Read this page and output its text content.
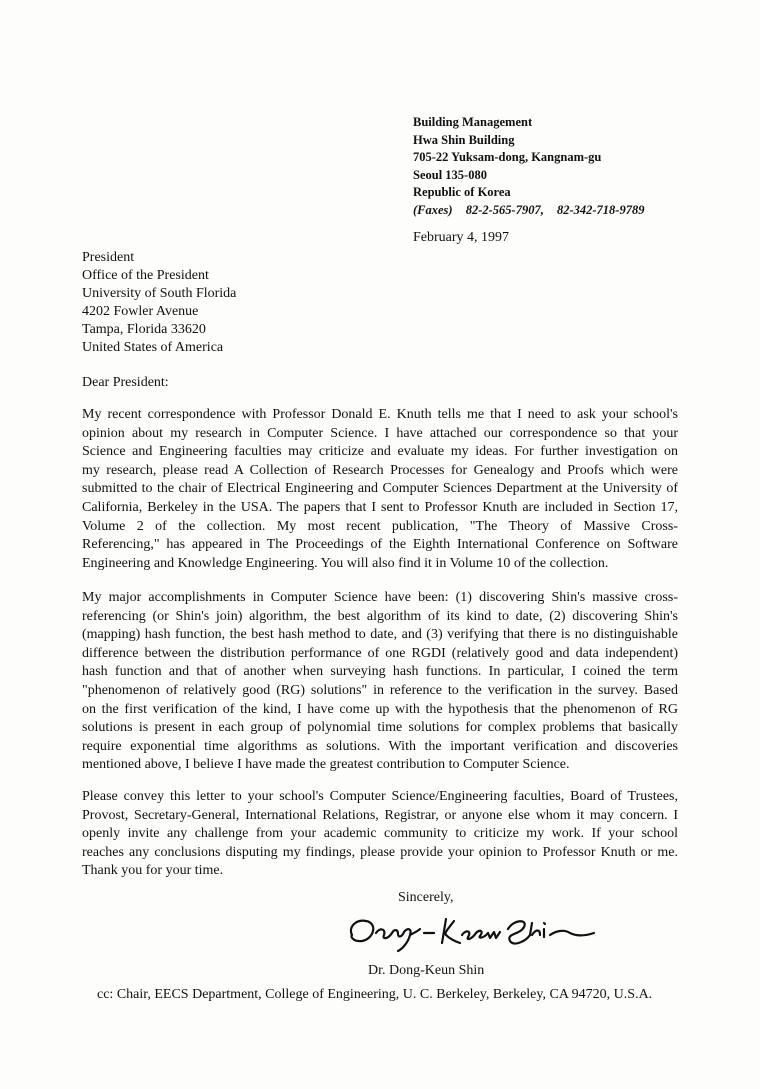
Building Management
Hwa Shin Building
705-22 Yuksam-dong, Kangnam-gu
Seoul 135-080
Republic of Korea
(Faxes) 82-2-565-7907, 82-342-718-9789
February 4, 1997
President
Office of the President
University of South Florida
4202 Fowler Avenue
Tampa, Florida 33620
United States of America
Dear President:
My recent correspondence with Professor Donald E. Knuth tells me that I need to ask your school's
opinion about my research in Computer Science. I have attached our correspondence so that your
Science and Engineering faculties may criticize and evaluate my ideas. For further investigation on
my research, please read A Collection of Research Processes for Genealogy and Proofs which were
submitted to the chair of Electrical Engineering and Computer Sciences Department at the University of
California, Berkeley in the USA. The papers that I sent to Professor Knuth are included in Section 17,
Volume 2 of the collection. My most recent publication, "The Theory of Massive Cross-
Referencing," has appeared in The Proceedings of the Eighth International Conference on Software
Engineering and Knowledge Engineering. You will also find it in Volume 10 of the collection.
My major accomplishments in Computer Science have been: (1) discovering Shin's massive cross-
referencing (or Shin's join) algorithm, the best algorithm of its kind to date, (2) discovering Shin's
(mapping) hash function, the best hash method to date, and (3) verifying that there is no distinguishable
difference between the distribution performance of one RGDI (relatively good and data independent)
hash function and that of another when surveying hash functions. In particular, I coined the term
"phenomenon of relatively good (RG) solutions" in reference to the verification in the survey. Based
on the first verification of the kind, I have come up with the hypothesis that the phenomenon of RG
solutions is present in each group of polynomial time solutions for complex problems that basically
require exponential time algorithms as solutions. With the important verification and discoveries
mentioned above, I believe I have made the greatest contribution to Computer Science.
Please convey this letter to your school's Computer Science/Engineering faculties, Board of Trustees,
Provost, Secretary-General, International Relations, Registrar, or anyone else whom it may concern. I
openly invite any challenge from your academic community to criticize my work. If your school
reaches any conclusions disputing my findings, please provide your opinion to Professor Knuth or me.
Thank you for your time.
Sincerely,
Dr. Dong-Keun Shin
cc: Chair, EECS Department, College of Engineering, U. C. Berkeley, Berkeley, CA 94720, U.S.A.
